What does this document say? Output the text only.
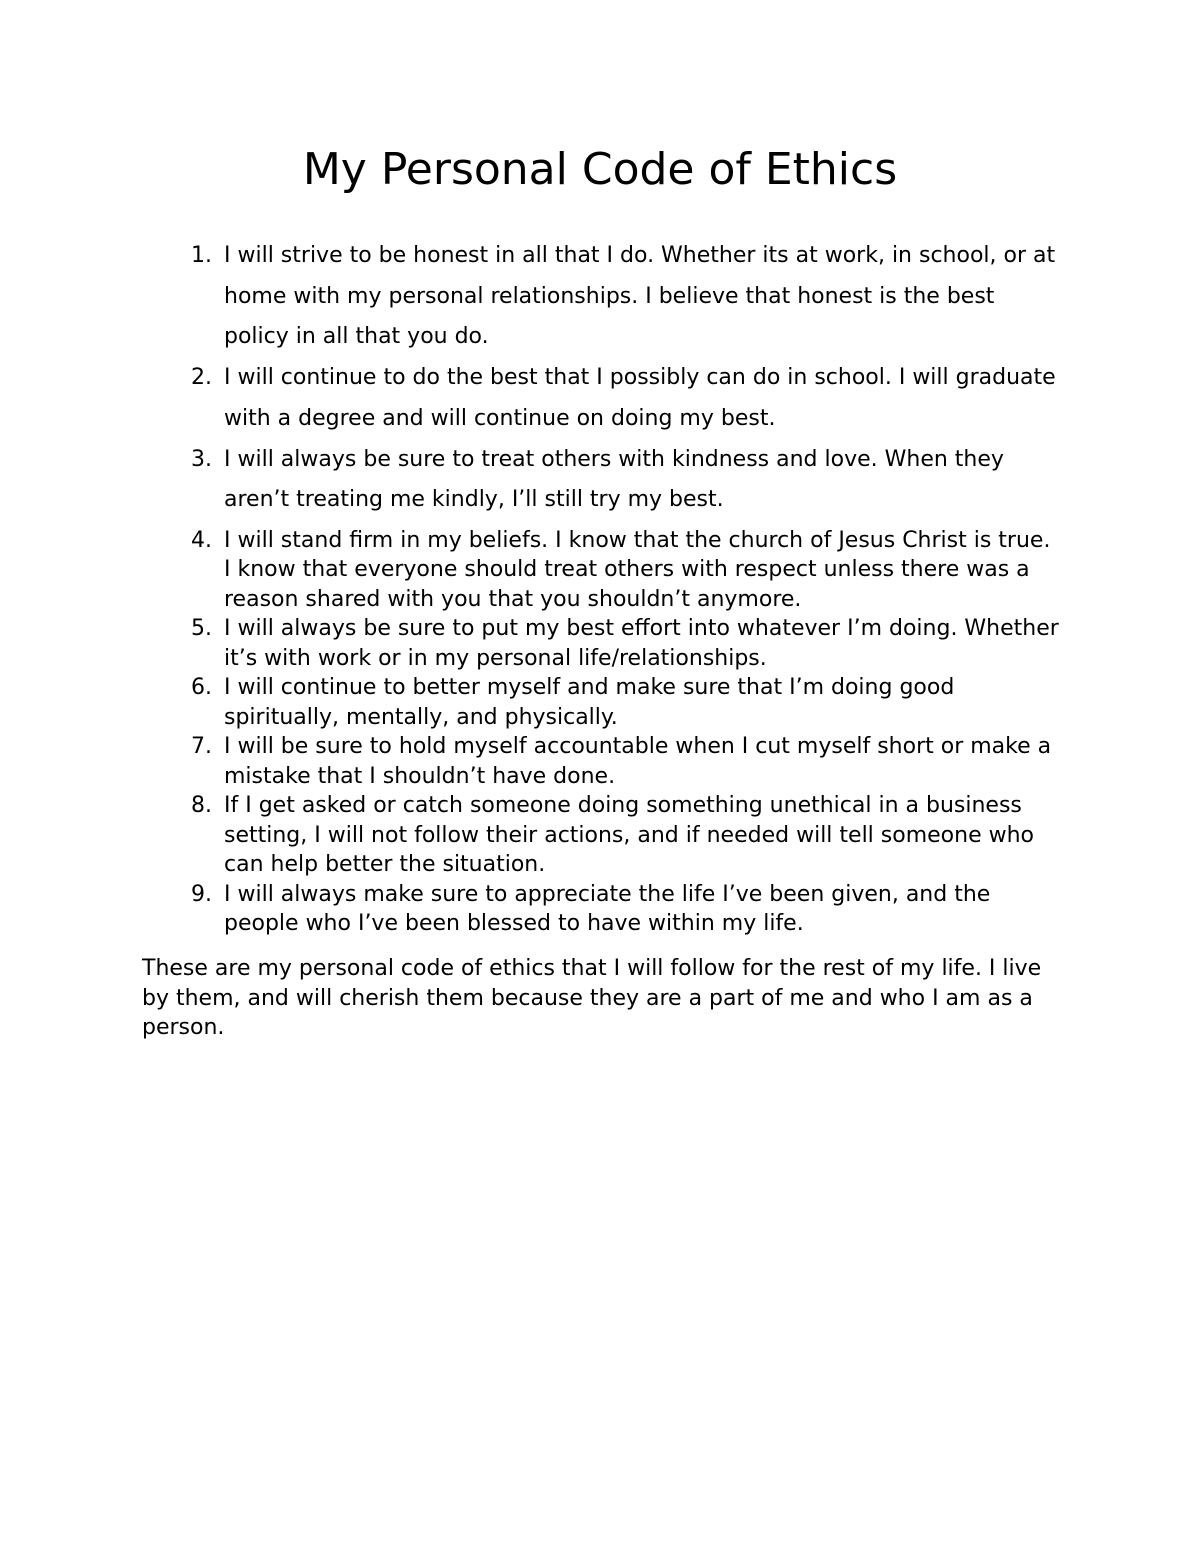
My Personal Code of Ethics
1. I will strive to be honest in all that I do. Whether its at work, in school, or at home with my personal relationships. I believe that honest is the best policy in all that you do.
2. I will continue to do the best that I possibly can do in school. I will graduate with a degree and will continue on doing my best.
3. I will always be sure to treat others with kindness and love. When they aren’t treating me kindly, I’ll still try my best.
4. I will stand firm in my beliefs. I know that the church of Jesus Christ is true. I know that everyone should treat others with respect unless there was a reason shared with you that you shouldn’t anymore.
5. I will always be sure to put my best effort into whatever I’m doing. Whether it’s with work or in my personal life/relationships.
6. I will continue to better myself and make sure that I’m doing good spiritually, mentally, and physically.
7. I will be sure to hold myself accountable when I cut myself short or make a mistake that I shouldn’t have done.
8. If I get asked or catch someone doing something unethical in a business setting, I will not follow their actions, and if needed will tell someone who can help better the situation.
9. I will always make sure to appreciate the life I’ve been given, and the people who I’ve been blessed to have within my life.

These are my personal code of ethics that I will follow for the rest of my life. I live by them, and will cherish them because they are a part of me and who I am as a person.
